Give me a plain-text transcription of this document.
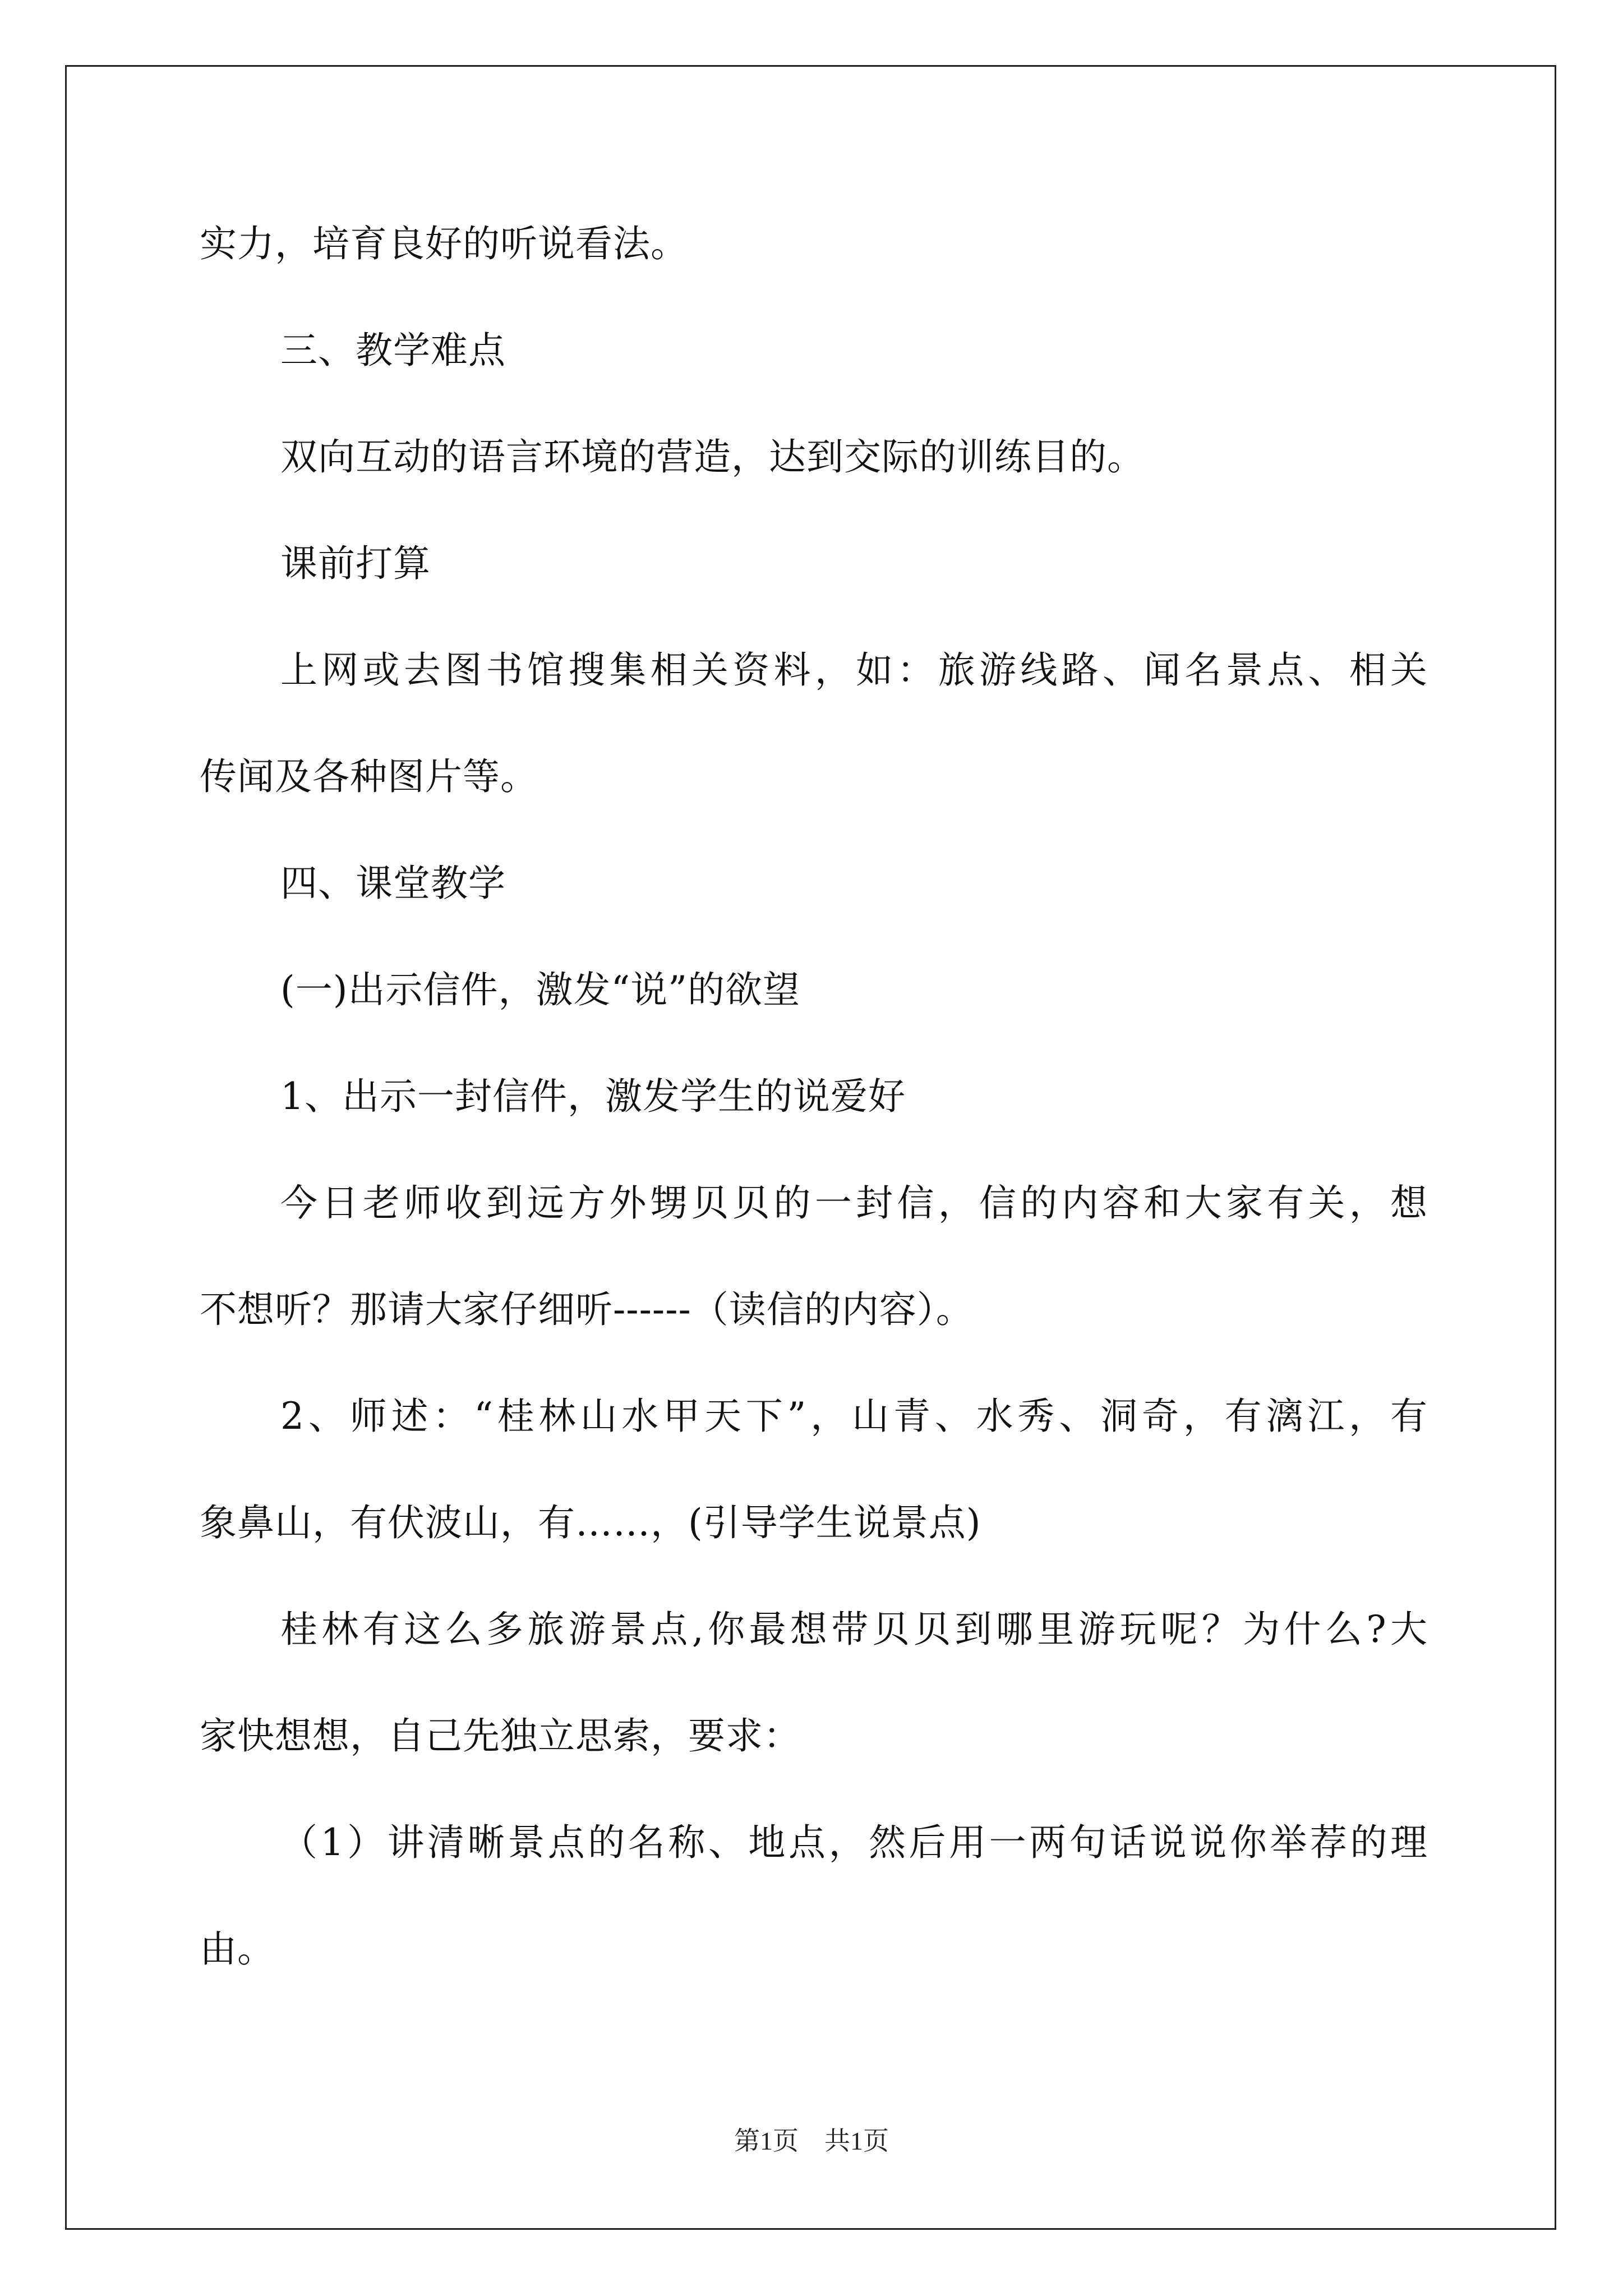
实力，培育良好的听说看法。
三、教学难点
双向互动的语言环境的营造，达到交际的训练目的。
课前打算
上网或去图书馆搜集相关资料，如：旅游线路、闻名景点、相关
传闻及各种图片等。
四、课堂教学
(一)出示信件，激发“说”的欲望
1、出示一封信件，激发学生的说爱好
今日老师收到远方外甥贝贝的一封信，信的内容和大家有关，想
不想听？那请大家仔细听------（读信的内容）。
2、师述：“桂林山水甲天下”，山青、水秀、洞奇，有漓江，有
象鼻山，有伏波山，有……，(引导学生说景点)
桂林有这么多旅游景点,你最想带贝贝到哪里游玩呢？为什么?大
家快想想，自己先独立思索，要求：
（1）讲清晰景点的名称、地点，然后用一两句话说说你举荐的理
由。
第1页　共1页
